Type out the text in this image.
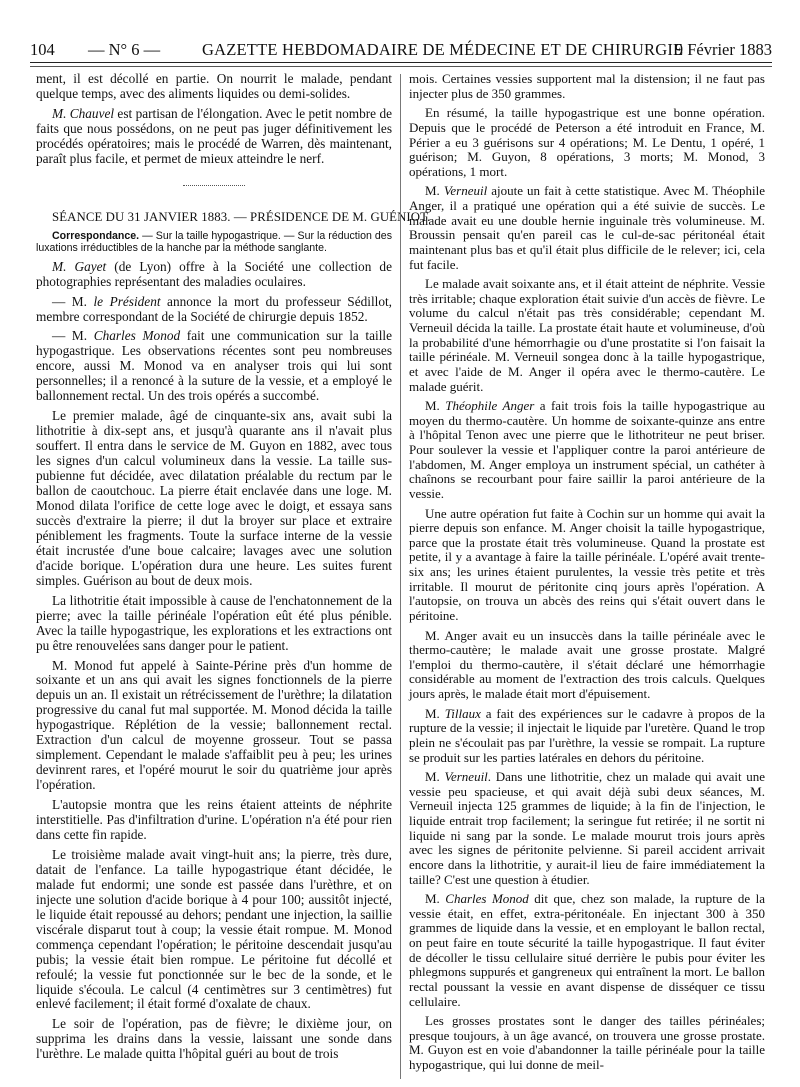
104 — N° 6 —	GAZETTE HEBDOMADAIRE DE MÉDECINE ET DE CHIRURGIE
9 Février 1883

ment, il est décollé en partie. On nourrit le malade, pendant quelque temps, avec des aliments liquides ou demi-solides.

M. Chauvel est partisan de l'élongation. Avec le petit nombre de faits que nous possédons, on ne peut pas juger définitivement les procédés opératoires; mais le procédé de Warren, dès maintenant, paraît plus facile, et permet de mieux atteindre le nerf.

SÉANCE DU 31 JANVIER 1883. — PRÉSIDENCE DE M. GUÉNIOT.

Correspondance. — Sur la taille hypogastrique. — Sur la réduction des luxations irréductibles de la hanche par la méthode sanglante.

M. Gayet (de Lyon) offre à la Société une collection de photographies représentant des maladies oculaires.

— M. le Président annonce la mort du professeur Sédillot, membre correspondant de la Société de chirurgie depuis 1852.

— M. Charles Monod fait une communication sur la taille hypogastrique. Les observations récentes sont peu nombreuses encore, aussi M. Monod va en analyser trois qui lui sont personnelles; il a renoncé à la suture de la vessie, et a employé le ballonnement rectal. Un des trois opérés a succombé.

Le premier malade, âgé de cinquante-six ans, avait subi la lithotritie à dix-sept ans, et jusqu'à quarante ans il n'avait plus souffert. Il entra dans le service de M. Guyon en 1882, avec tous les signes d'un calcul volumineux dans la vessie. La taille sus-pubienne fut décidée, avec dilatation préalable du rectum par le ballon de caoutchouc. La pierre était enclavée dans une loge. M. Monod dilata l'orifice de cette loge avec le doigt, et essaya sans succès d'extraire la pierre; il dut la broyer sur place et extraire péniblement les fragments. Toute la surface interne de la vessie était incrustée d'une boue calcaire; lavages avec une solution d'acide borique. L'opération dura une heure. Les suites furent simples. Guérison au bout de deux mois.

La lithotritie était impossible à cause de l'enchatonnement de la pierre; avec la taille périnéale l'opération eût été plus pénible. Avec la taille hypogastrique, les explorations et les extractions ont pu être renouvelées sans danger pour le patient.

M. Monod fut appelé à Sainte-Périne près d'un homme de soixante et un ans qui avait les signes fonctionnels de la pierre depuis un an. Il existait un rétrécissement de l'urèthre; la dilatation progressive du canal fut mal supportée. M. Monod décida la taille hypogastrique. Réplétion de la vessie; ballonnement rectal. Extraction d'un calcul de moyenne grosseur. Tout se passa simplement. Cependant le malade s'affaiblit peu à peu; les urines devinrent rares, et l'opéré mourut le soir du quatrième jour après l'opération.

L'autopsie montra que les reins étaient atteints de néphrite interstitielle. Pas d'infiltration d'urine. L'opération n'a été pour rien dans cette fin rapide.

Le troisième malade avait vingt-huit ans; la pierre, très dure, datait de l'enfance. La taille hypogastrique étant décidée, le malade fut endormi; une sonde est passée dans l'urèthre, et on injecte une solution d'acide borique à 4 pour 100; aussitôt injecté, le liquide était repoussé au dehors; pendant une injection, la saillie viscérale disparut tout à coup; la vessie était rompue. M. Monod commença cependant l'opération; le péritoine descendait jusqu'au pubis; la vessie était bien rompue. Le péritoine fut décollé et refoulé; la vessie fut ponctionnée sur le bec de la sonde, et le liquide s'écoula. Le calcul (4 centimètres sur 3 centimètres) fut enlevé facilement; il était formé d'oxalate de chaux.

Le soir de l'opération, pas de fièvre; le dixième jour, on supprima les drains dans la vessie, laissant une sonde dans l'urèthre. Le malade quitta l'hôpital guéri au bout de trois

mois. Certaines vessies supportent mal la distension; il ne faut pas injecter plus de 350 grammes.

En résumé, la taille hypogastrique est une bonne opération. Depuis que le procédé de Peterson a été introduit en France, M. Périer a eu 3 guérisons sur 4 opérations; M. Le Dentu, 1 opéré, 1 guérison; M. Guyon, 8 opérations, 3 morts; M. Monod, 3 opérations, 1 mort.

M. Verneuil ajoute un fait à cette statistique. Avec M. Théophile Anger, il a pratiqué une opération qui a été suivie de succès. Le malade avait eu une double hernie inguinale très volumineuse. M. Broussin pensait qu'en pareil cas le cul-de-sac péritonéal était maintenant plus bas et qu'il était plus difficile de le relever; ici, cela fut facile.

Le malade avait soixante ans, et il était atteint de néphrite. Vessie très irritable; chaque exploration était suivie d'un accès de fièvre. Le volume du calcul n'était pas très considérable; cependant M. Verneuil décida la taille. La prostate était haute et volumineuse, d'où la probabilité d'une hémorrhagie ou d'une prostatite si l'on faisait la taille périnéale. M. Verneuil songea donc à la taille hypogastrique, et avec l'aide de M. Anger il opéra avec le thermo-cautère. Le malade guérit.

M. Théophile Anger a fait trois fois la taille hypogastrique au moyen du thermo-cautère. Un homme de soixante-quinze ans entre à l'hôpital Tenon avec une pierre que le lithotriteur ne peut briser. Pour soulever la vessie et l'appliquer contre la paroi antérieure de l'abdomen, M. Anger employa un instrument spécial, un cathéter à chaînons se recourbant pour faire saillir la paroi antérieure de la vessie.

Une autre opération fut faite à Cochin sur un homme qui avait la pierre depuis son enfance. M. Anger choisit la taille hypogastrique, parce que la prostate était très volumineuse. Quand la prostate est petite, il y a avantage à faire la taille périnéale. L'opéré avait trente-six ans; les urines étaient purulentes, la vessie très petite et très irritable. Il mourut de péritonite cinq jours après l'opération. A l'autopsie, on trouva un abcès des reins qui s'était ouvert dans le péritoine.

M. Anger avait eu un insuccès dans la taille périnéale avec le thermo-cautère; le malade avait une grosse prostate. Malgré l'emploi du thermo-cautère, il s'était déclaré une hémorrhagie considérable au moment de l'extraction des trois calculs. Quelques jours après, le malade était mort d'épuisement.

M. Tillaux a fait des expériences sur le cadavre à propos de la rupture de la vessie; il injectait le liquide par l'uretère. Quand le trop plein ne s'écoulait pas par l'urèthre, la vessie se rompait. La rupture se produit sur les parties latérales en dehors du péritoine.

M. Verneuil. Dans une lithotritie, chez un malade qui avait une vessie peu spacieuse, et qui avait déjà subi deux séances, M. Verneuil injecta 125 grammes de liquide; à la fin de l'injection, le liquide entrait trop facilement; la seringue fut retirée; il ne sortit ni liquide ni sang par la sonde. Le malade mourut trois jours après avec les signes de péritonite pelvienne. Si pareil accident arrivait encore dans la lithotritie, y aurait-il lieu de faire immédiatement la taille? C'est une question à étudier.

M. Charles Monod dit que, chez son malade, la rupture de la vessie était, en effet, extra-péritonéale. En injectant 300 à 350 grammes de liquide dans la vessie, et en employant le ballon rectal, on peut faire en toute sécurité la taille hypogastrique. Il faut éviter de décoller le tissu cellulaire situé derrière le pubis pour éviter les phlegmons suppurés et gangreneux qui entraînent la mort. Le ballon rectal poussant la vessie en avant dispense de disséquer ce tissu cellulaire.

Les grosses prostates sont le danger des tailles périnéales; presque toujours, à un âge avancé, on trouvera une grosse prostate. M. Guyon est en voie d'abandonner la taille périnéale pour la taille hypogastrique, qui lui donne de meil-
